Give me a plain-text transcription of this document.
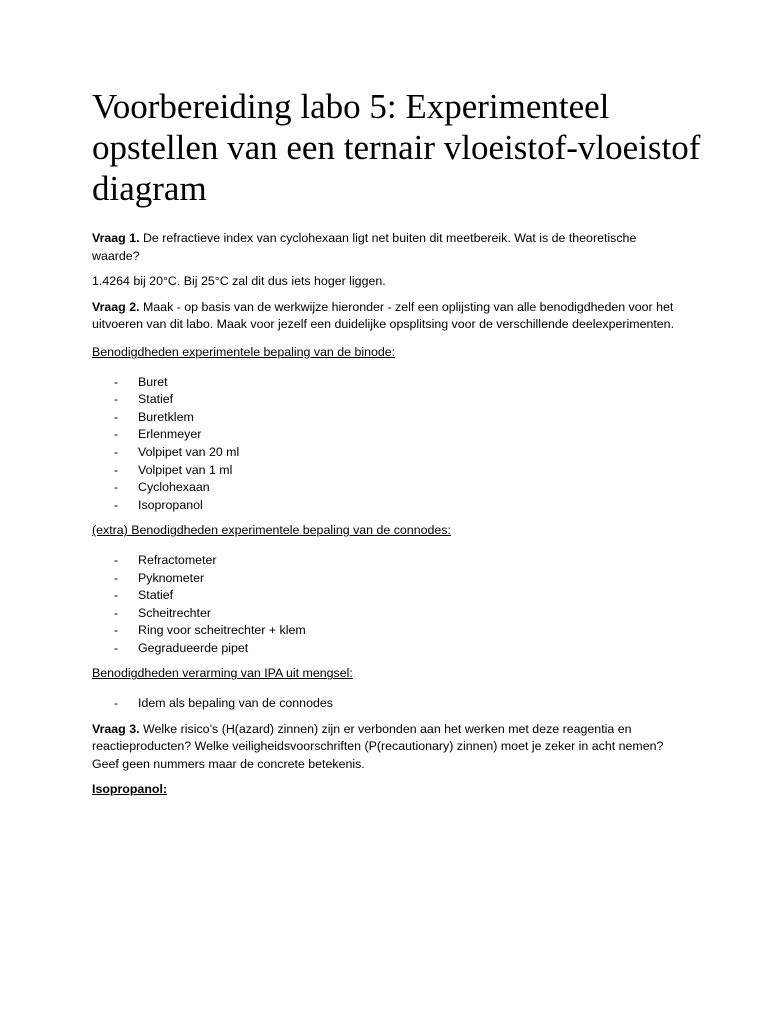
Voorbereiding labo 5: Experimenteel opstellen van een ternair vloeistof-vloeistof diagram

Vraag 1. De refractieve index van cyclohexaan ligt net buiten dit meetbereik. Wat is de theoretische waarde?

1.4264 bij 20°C. Bij 25°C zal dit dus iets hoger liggen.

Vraag 2. Maak - op basis van de werkwijze hieronder - zelf een oplijsting van alle benodigdheden voor het uitvoeren van dit labo. Maak voor jezelf een duidelijke opsplitsing voor de verschillende deelexperimenten.

Benodigdheden experimentele bepaling van de binode:

- Buret
- Statief
- Buretklem
- Erlenmeyer
- Volpipet van 20 ml
- Volpipet van 1 ml
- Cyclohexaan
- Isopropanol

(extra) Benodigdheden experimentele bepaling van de connodes:

- Refractometer
- Pyknometer
- Statief
- Scheitrechter
- Ring voor scheitrechter + klem
- Gegradueerde pipet

Benodigdheden verarming van IPA uit mengsel:

- Idem als bepaling van de connodes

Vraag 3. Welke risico’s (H(azard) zinnen) zijn er verbonden aan het werken met deze reagentia en reactieproducten? Welke veiligheidsvoorschriften (P(recautionary) zinnen) moet je zeker in acht nemen? Geef geen nummers maar de concrete betekenis.

Isopropanol:
